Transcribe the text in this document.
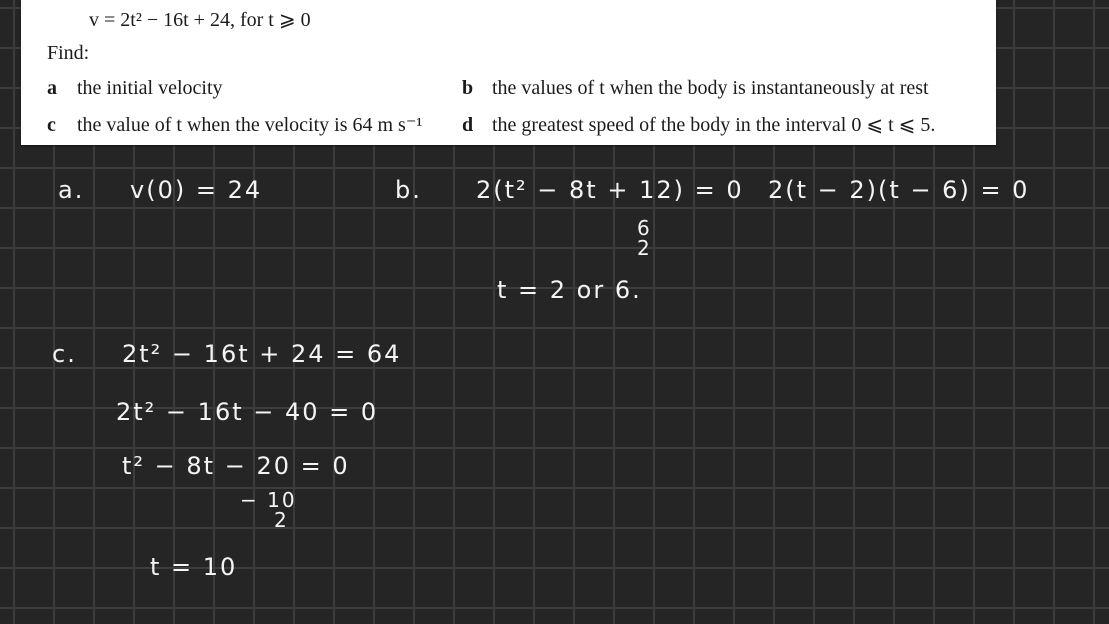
v = 2t² − 16t + 24, for t ⩾ 0
Find:
a the initial velocity	b the values of t when the body is instantaneously at rest
c the value of t when the velocity is 64 m s⁻¹ d the greatest speed of the body in the interval 0 ⩽ t ⩽ 5.
a. v(0) = 24	b. 2(t² − 8t + 12) = 0 2(t − 2)(t − 6) = 0
6
2
t = 2 or 6.
c. 2t² − 16t + 24 = 64
2t² − 16t − 40 = 0
t² − 8t − 20 = 0
− 10
2
t = 10
